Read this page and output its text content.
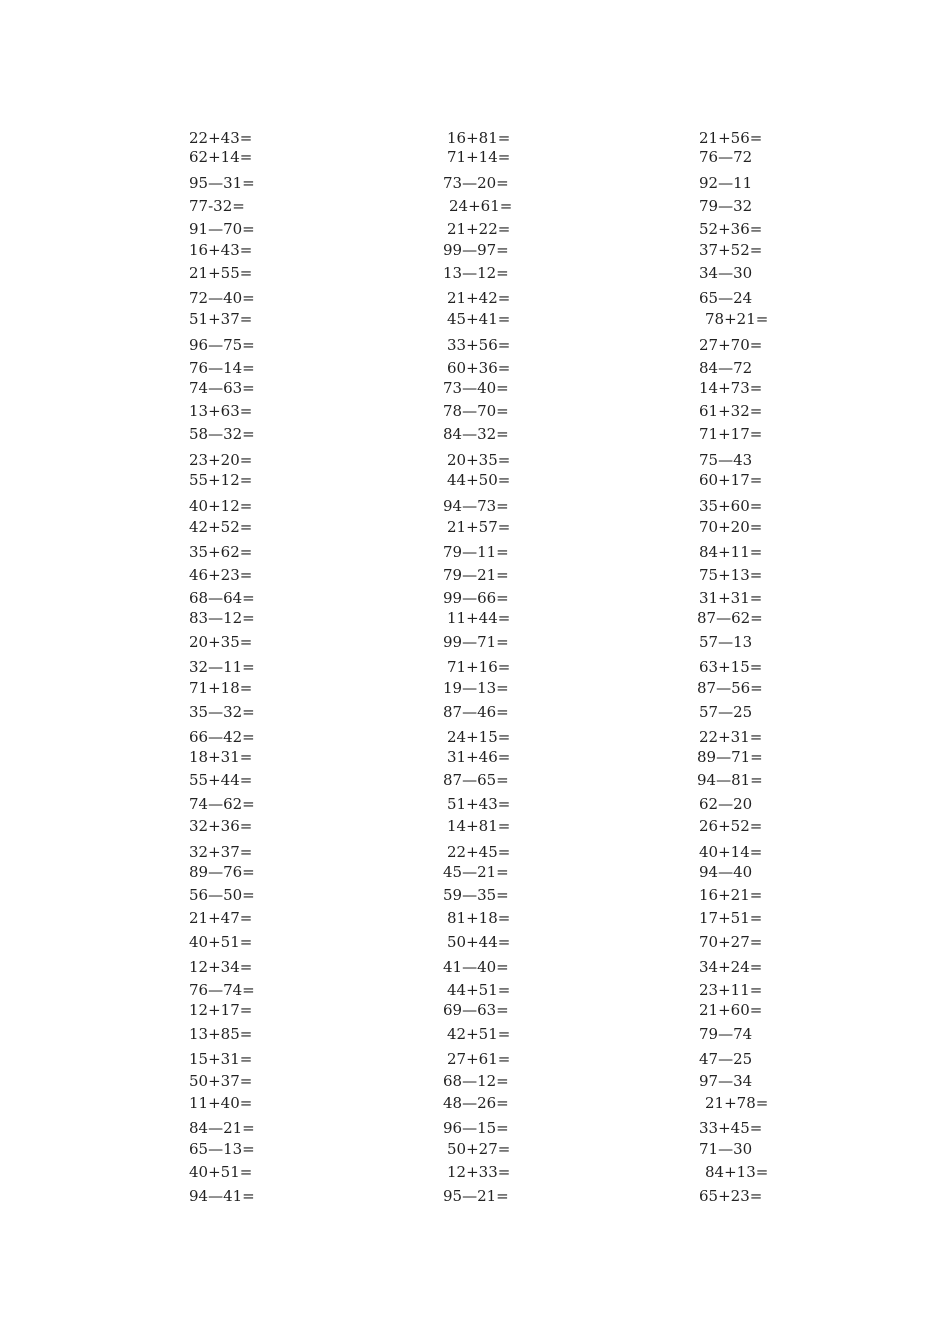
22+43=
62+14=
95—31=
77-32=
91—70=
16+43=
21+55=
72—40=
51+37=
96—75=
76—14=
74—63=
13+63=
58—32=
23+20=
55+12=
40+12=
42+52=
35+62=
46+23=
68—64=
83—12=
20+35=
32—11=
71+18=
35—32=
66—42=
18+31=
55+44=
74—62=
32+36=
32+37=
89—76=
56—50=
21+47=
40+51=
12+34=
76—74=
12+17=
13+85=
15+31=
50+37=
11+40=
84—21=
65—13=
40+51=
94—41=
16+81=
71+14=
73—20=
24+61=
21+22=
99—97=
13—12=
21+42=
45+41=
33+56=
60+36=
73—40=
78—70=
84—32=
20+35=
44+50=
94—73=
21+57=
79—11=
79—21=
99—66=
11+44=
99—71=
71+16=
19—13=
87—46=
24+15=
31+46=
87—65=
51+43=
14+81=
22+45=
45—21=
59—35=
81+18=
50+44=
41—40=
44+51=
69—63=
42+51=
27+61=
68—12=
48—26=
96—15=
50+27=
12+33=
95—21=
21+56=
76—72
92—11
79—32
52+36=
37+52=
34—30
65—24
78+21=
27+70=
84—72
14+73=
61+32=
71+17=
75—43
60+17=
35+60=
70+20=
84+11=
75+13=
31+31=
87—62=
57—13
63+15=
87—56=
57—25
22+31=
89—71=
94—81=
62—20
26+52=
40+14=
94—40
16+21=
17+51=
70+27=
34+24=
23+11=
21+60=
79—74
47—25
97—34
21+78=
33+45=
71—30
84+13=
65+23=
